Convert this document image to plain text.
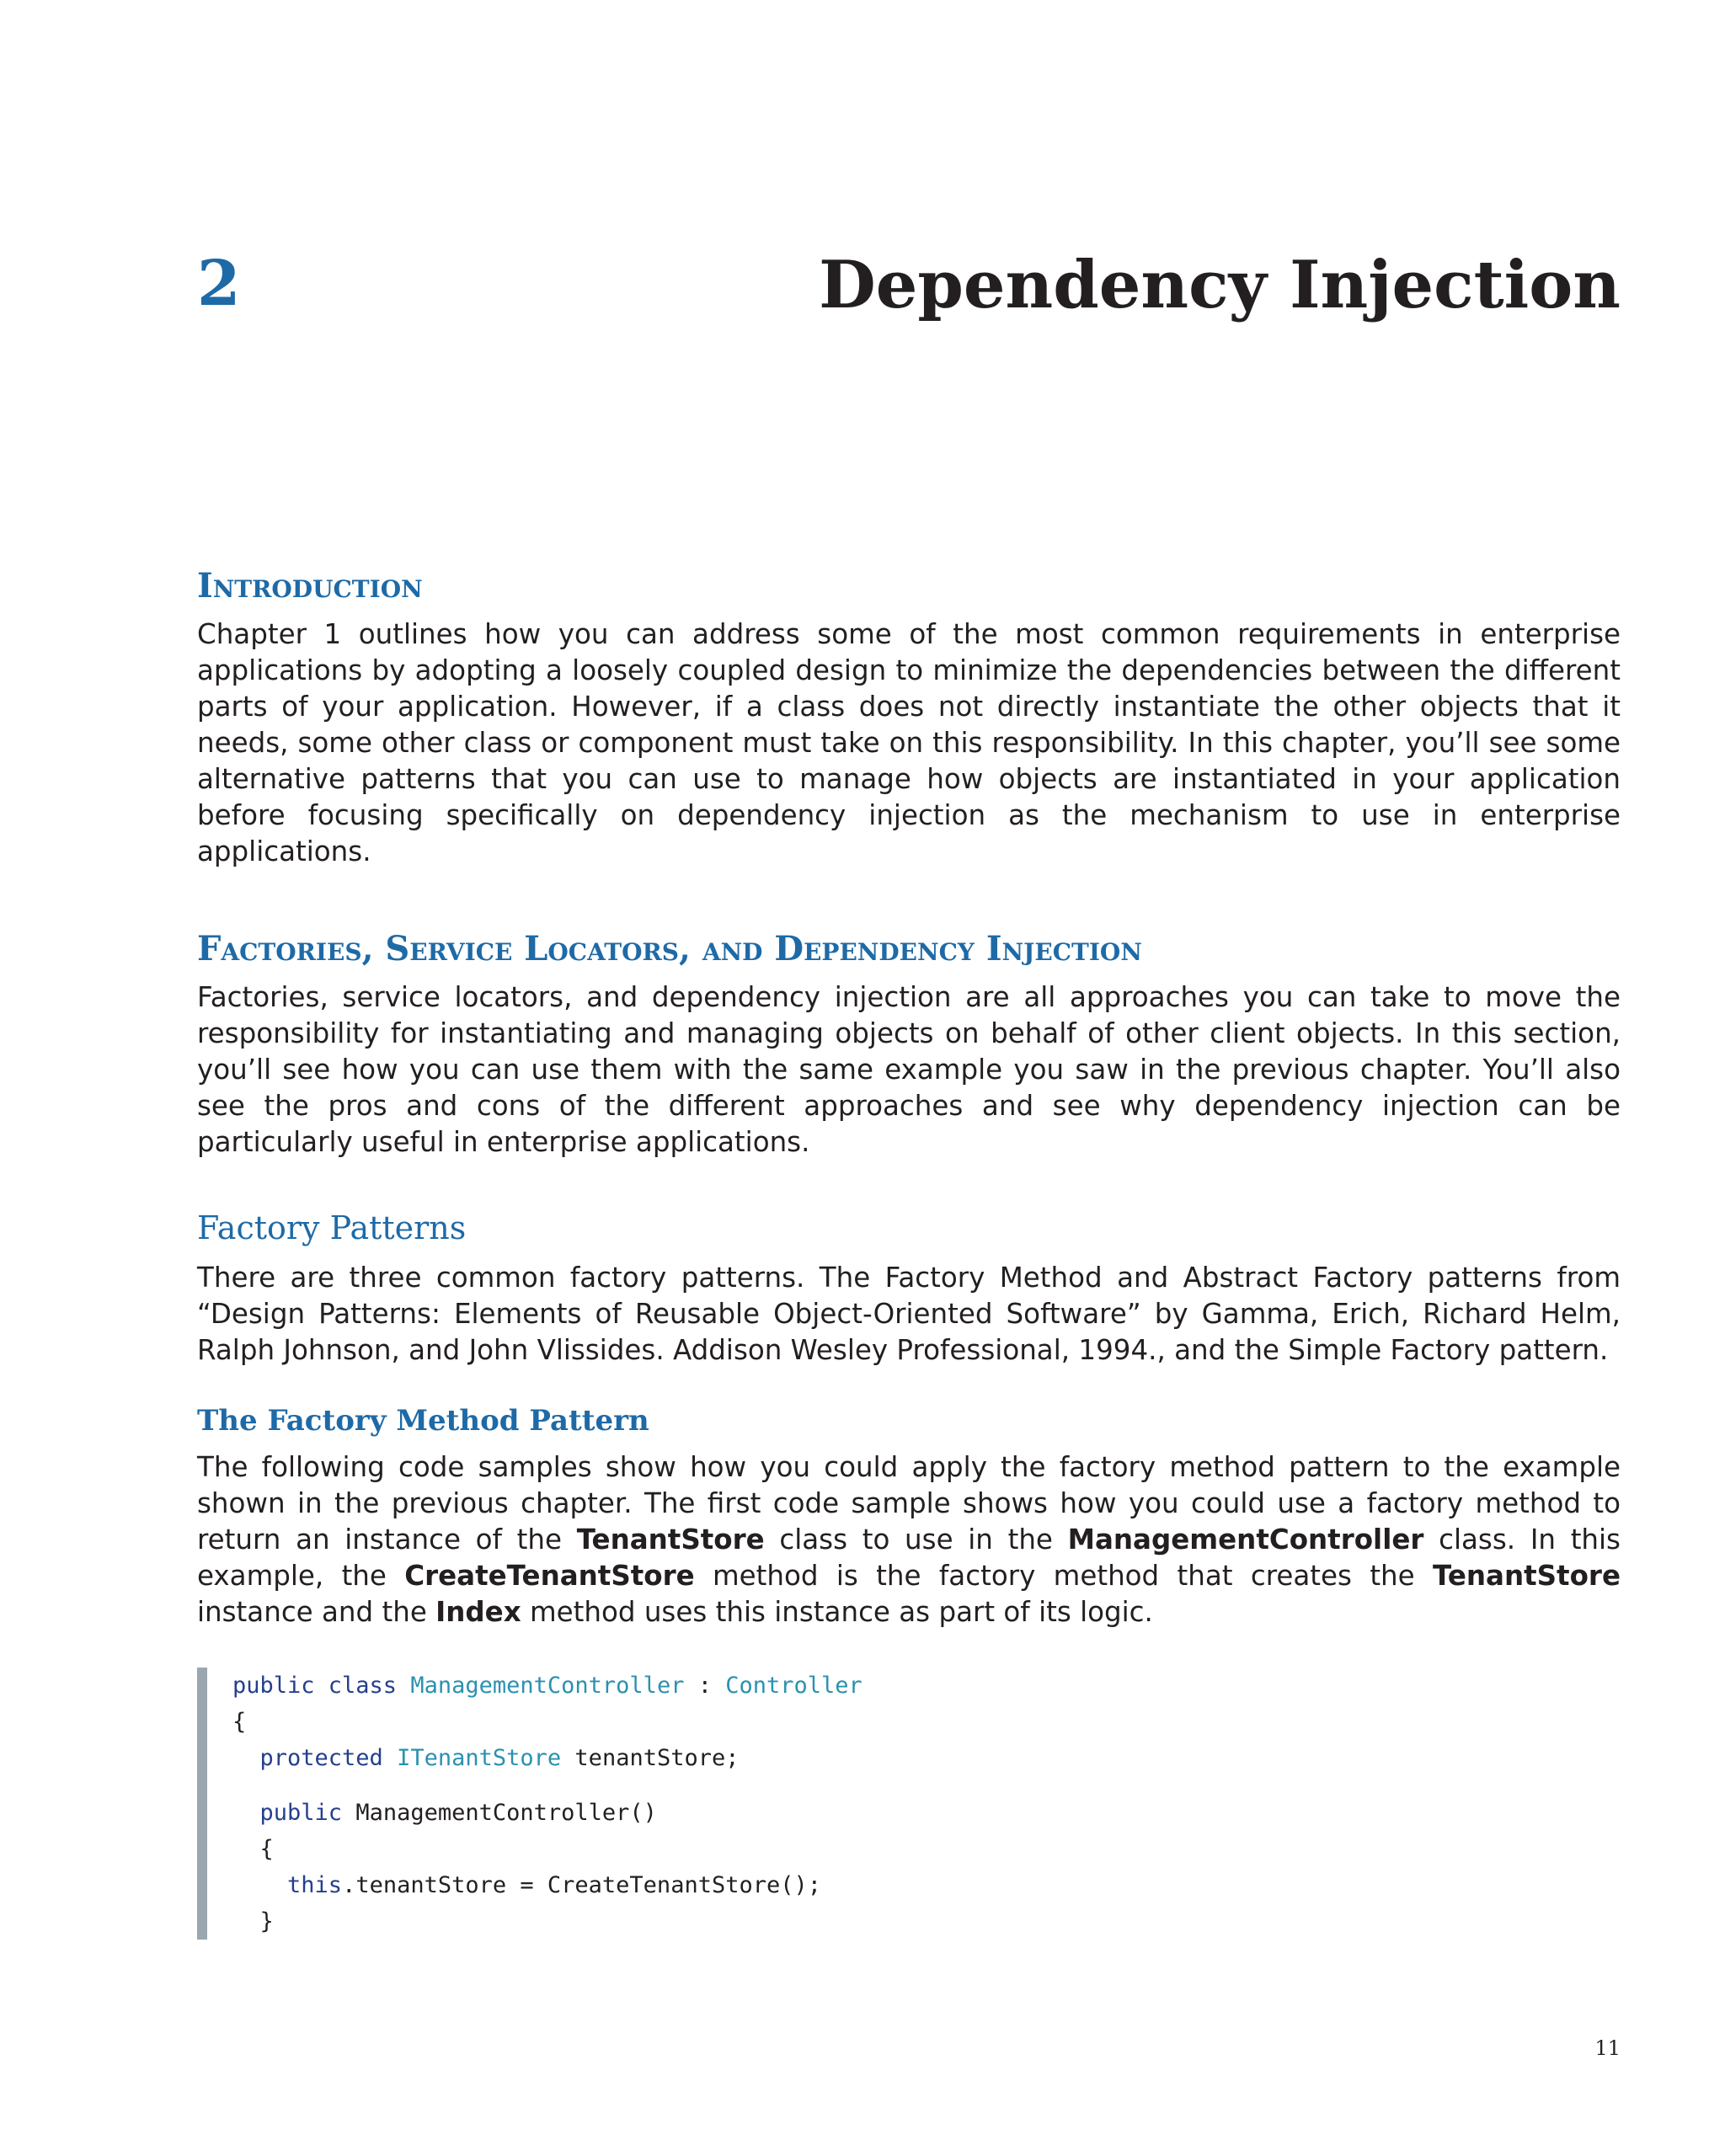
2	Dependency Injection
Introduction

Chapter 1 outlines how you can address some of the most common requirements in enterprise applications by adopting a loosely coupled design to minimize the dependencies between the different parts of your application. However, if a class does not directly instantiate the other objects that it needs, some other class or component must take on this responsibility. In this chapter, you’ll see some alternative patterns that you can use to manage how objects are instantiated in your application before focusing specifically on dependency injection as the mechanism to use in enterprise applications.

Factories, Service Locators, and Dependency Injection

Factories, service locators, and dependency injection are all approaches you can take to move the responsibility for instantiating and managing objects on behalf of other client objects. In this section, you’ll see how you can use them with the same example you saw in the previous chapter. You’ll also see the pros and cons of the different approaches and see why dependency injection can be particularly useful in enterprise applications.

Factory Patterns

There are three common factory patterns. The Factory Method and Abstract Factory patterns from “Design Patterns: Elements of Reusable Object-Oriented Software” by Gamma, Erich, Richard Helm, Ralph Johnson, and John Vlissides. Addison Wesley Professional, 1994., and the Simple Factory pattern.

The Factory Method Pattern

The following code samples show how you could apply the factory method pattern to the example shown in the previous chapter. The first code sample shows how you could use a factory method to return an instance of the TenantStore class to use in the ManagementController class. In this example, the CreateTenantStore method is the factory method that creates the TenantStore instance and the Index method uses this instance as part of its logic.

public class ManagementController : Controller
{
protected ITenantStore tenantStore;
public ManagementController()
{
this.tenantStore = CreateTenantStore();
}
11
